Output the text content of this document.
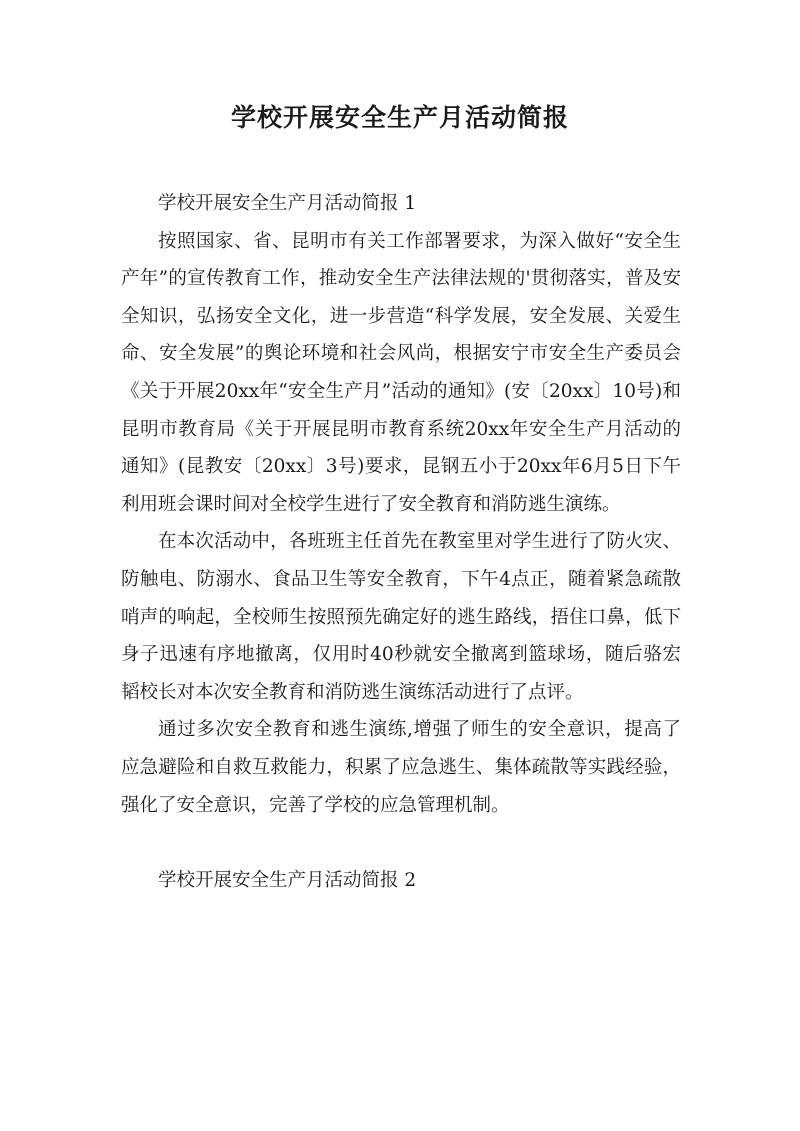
学校开展安全生产月活动简报

学校开展安全生产月活动简报 1

按照国家、省、昆明市有关工作部署要求，为深入做好“安全生产年”的宣传教育工作，推动安全生产法律法规的'贯彻落实，普及安全知识，弘扬安全文化，进一步营造“科学发展，安全发展、关爱生命、安全发展”的舆论环境和社会风尚，根据安宁市安全生产委员会《关于开展20xx年“安全生产月”活动的通知》(安〔20xx〕10号)和昆明市教育局《关于开展昆明市教育系统20xx年安全生产月活动的通知》(昆教安〔20xx〕3号)要求，昆钢五小于20xx年6月5日下午利用班会课时间对全校学生进行了安全教育和消防逃生演练。

在本次活动中，各班班主任首先在教室里对学生进行了防火灾、防触电、防溺水、食品卫生等安全教育，下午4点正，随着紧急疏散哨声的响起，全校师生按照预先确定好的逃生路线，捂住口鼻，低下身子迅速有序地撤离，仅用时40秒就安全撤离到篮球场，随后骆宏韬校长对本次安全教育和消防逃生演练活动进行了点评。

通过多次安全教育和逃生演练,增强了师生的安全意识，提高了应急避险和自救互救能力，积累了应急逃生、集体疏散等实践经验，强化了安全意识，完善了学校的应急管理机制。

学校开展安全生产月活动简报 2
